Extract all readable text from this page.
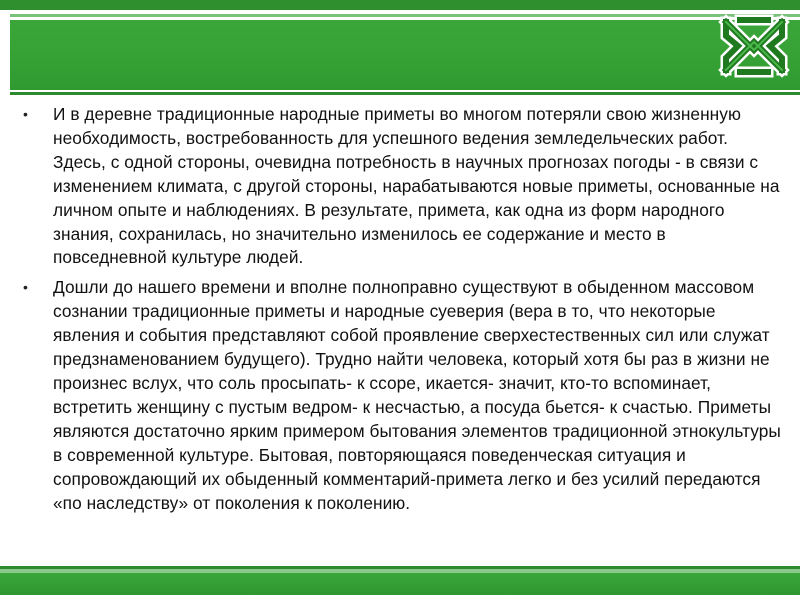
• И в деревне традиционные народные приметы во многом потеряли свою жизненную необходимость, востребованность для успешного ведения земледельческих работ. Здесь, с одной стороны, очевидна потребность в научных прогнозах погоды - в связи с изменением климата, с другой стороны, нарабатываются новые приметы, основанные на личном опыте и наблюдениях. В результате, примета, как одна из форм народного знания, сохранилась, но значительно изменилось ее содержание и место в повседневной культуре людей.
• Дошли до нашего времени и вполне полноправно существуют в обыденном массовом сознании традиционные приметы и народные суеверия (вера в то, что некоторые явления и события представляют собой проявление сверхестественных сил или служат предзнаменованием будущего). Трудно найти человека, который хотя бы раз в жизни не произнес вслух, что соль просыпать- к ссоре, икается- значит, кто-то вспоминает, встретить женщину с пустым ведром- к несчастью, а посуда бьется- к счастью. Приметы являются достаточно ярким примером бытования элементов традиционной этнокультуры в современной культуре. Бытовая, повторяющаяся поведенческая ситуация и сопровождающий их обыденный комментарий-примета легко и без усилий передаются «по наследству» от поколения к поколению.
